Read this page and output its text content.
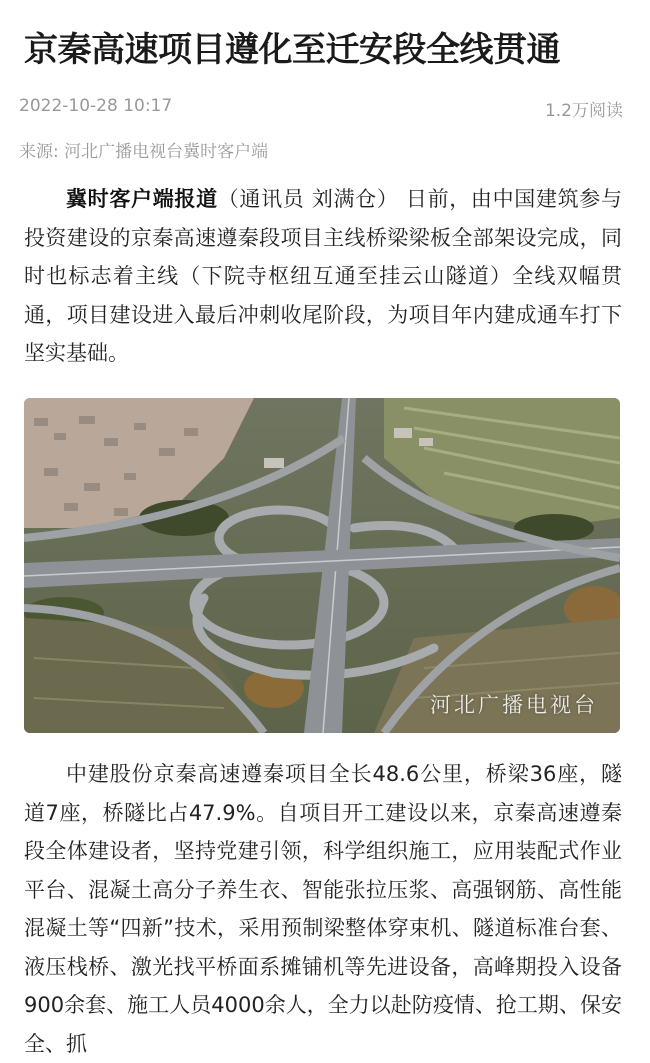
京秦高速项目遵化至迁安段全线贯通
2022-10-28 10:17	1.2万阅读
来源: 河北广播电视台冀时客户端

冀时客户端报道（通讯员 刘满仓） 日前，由中国建筑参与投资建设的京秦高速遵秦段项目主线桥梁梁板全部架设完成，同时也标志着主线（下院寺枢纽互通至挂云山隧道）全线双幅贯通，项目建设进入最后冲刺收尾阶段，为项目年内建成通车打下坚实基础。

河北广播电视台

中建股份京秦高速遵秦项目全长48.6公里，桥梁36座，隧道7座，桥隧比占47.9%。自项目开工建设以来，京秦高速遵秦段全体建设者，坚持党建引领，科学组织施工，应用装配式作业平台、混凝土高分子养生衣、智能张拉压浆、高强钢筋、高性能混凝土等“四新”技术，采用预制梁整体穿束机、隧道标准台套、液压栈桥、激光找平桥面系摊铺机等先进设备，高峰期投入设备900余套、施工人员4000余人，全力以赴防疫情、抢工期、保安全、抓
